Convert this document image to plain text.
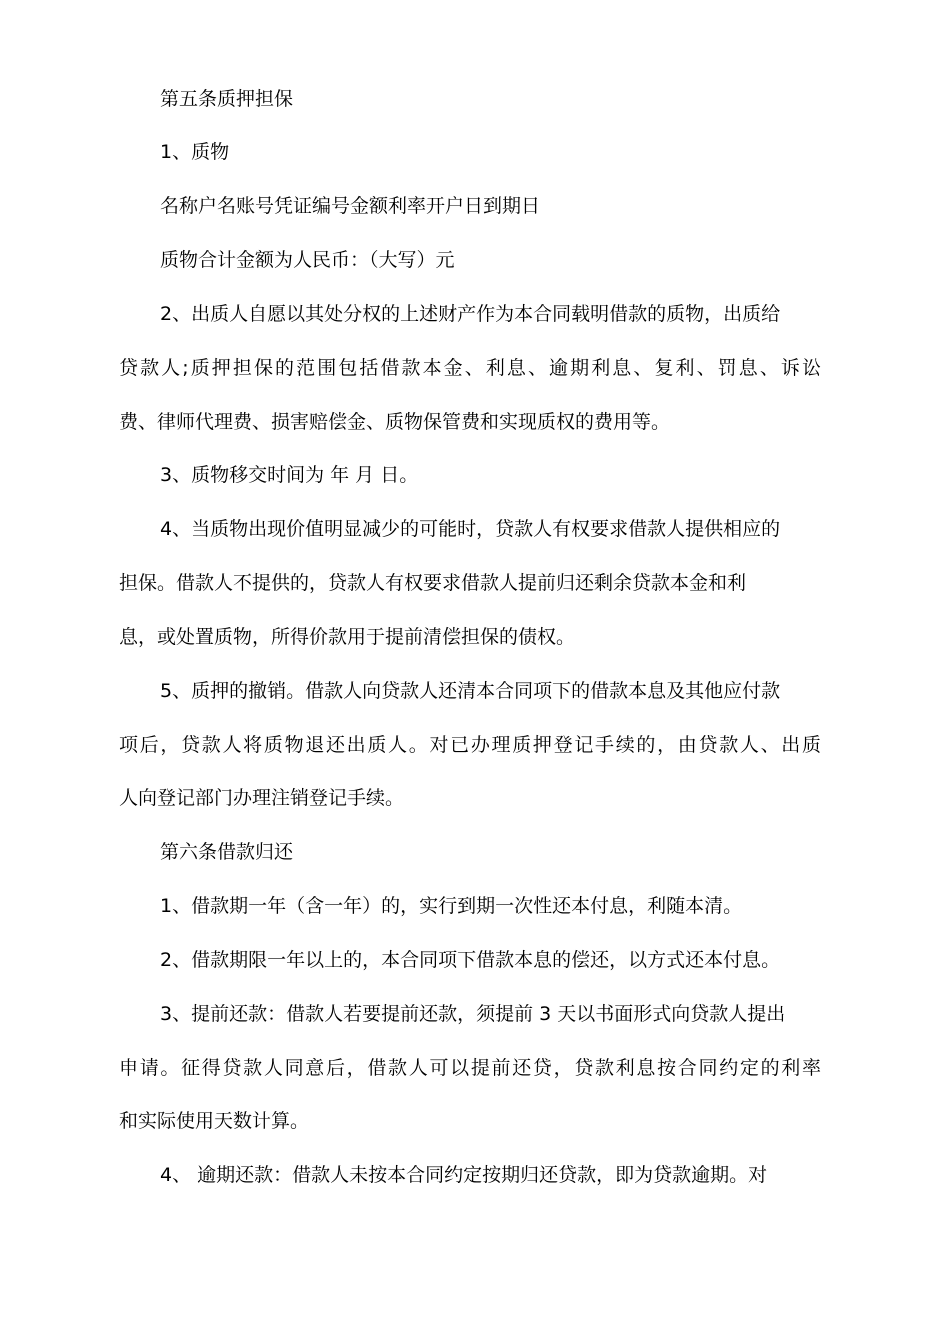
第五条质押担保

1、质物

名称户名账号凭证编号金额利率开户日到期日

质物合计金额为人民币：（大写）元

2、出质人自愿以其处分权的上述财产作为本合同载明借款的质物，出质给

贷款人;质押担保的范围包括借款本金、利息、逾期利息、复利、罚息、诉讼

费、律师代理费、损害赔偿金、质物保管费和实现质权的费用等。

3、质物移交时间为 年 月 日。

4、当质物出现价值明显减少的可能时，贷款人有权要求借款人提供相应的

担保。借款人不提供的，贷款人有权要求借款人提前归还剩余贷款本金和利

息，或处置质物，所得价款用于提前清偿担保的债权。

5、质押的撤销。借款人向贷款人还清本合同项下的借款本息及其他应付款

项后，贷款人将质物退还出质人。对已办理质押登记手续的，由贷款人、出质

人向登记部门办理注销登记手续。

第六条借款归还

1、借款期一年（含一年）的，实行到期一次性还本付息，利随本清。

2、借款期限一年以上的，本合同项下借款本息的偿还，以方式还本付息。

3、提前还款：借款人若要提前还款，须提前 3 天以书面形式向贷款人提出

申请。征得贷款人同意后，借款人可以提前还贷，贷款利息按合同约定的利率

和实际使用天数计算。

4、 逾期还款：借款人未按本合同约定按期归还贷款，即为贷款逾期。对
